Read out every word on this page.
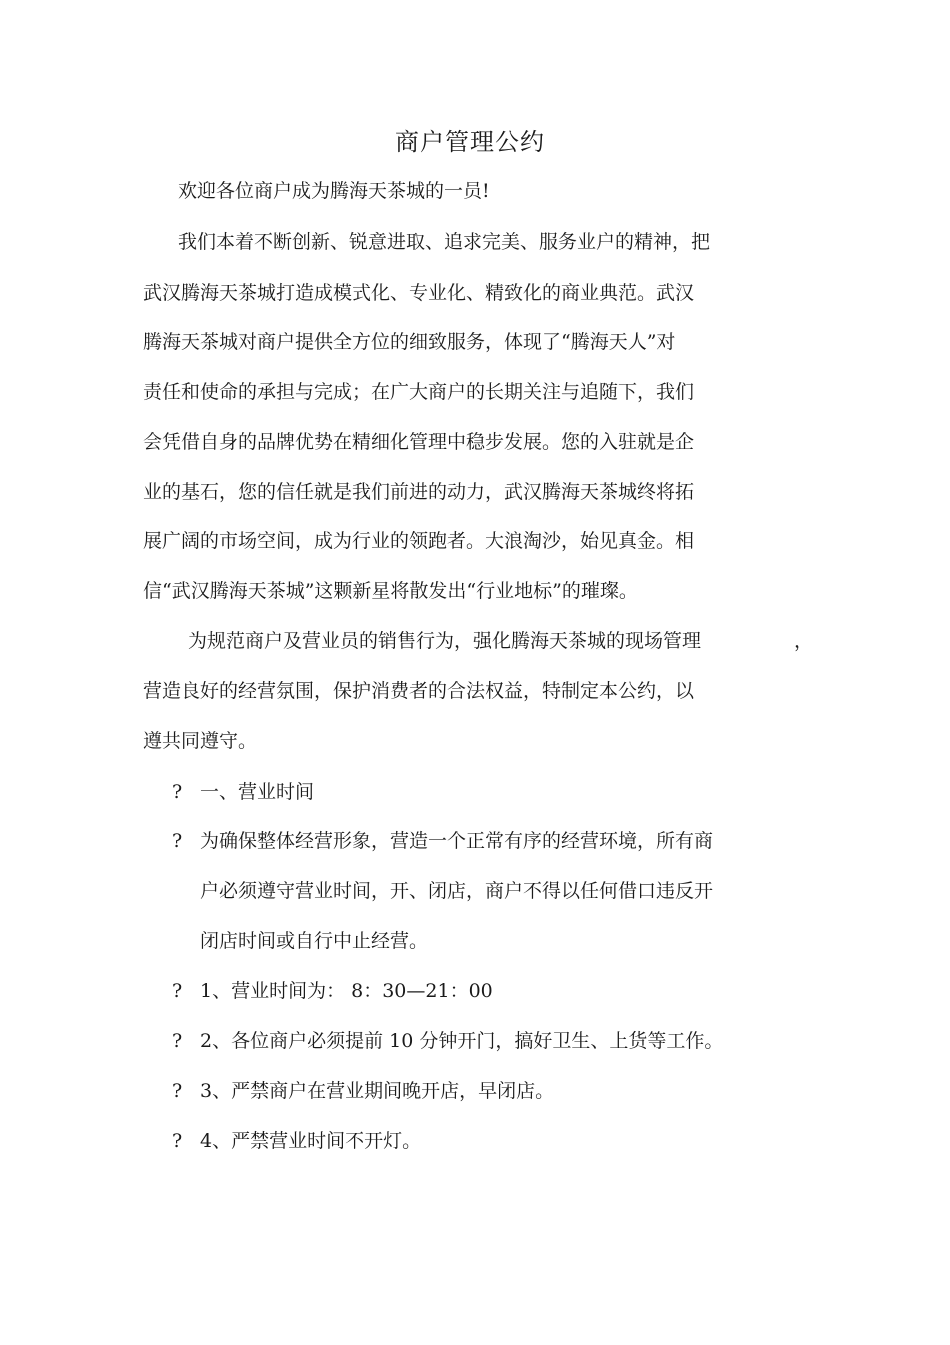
商户管理公约
欢迎各位商户成为腾海天茶城的一员!
我们本着不断创新、锐意进取、追求完美、服务业户的精神，把
武汉腾海天茶城打造成模式化、专业化、精致化的商业典范。武汉
腾海天茶城对商户提供全方位的细致服务，体现了“腾海天人”对
责任和使命的承担与完成；在广大商户的长期关注与追随下，我们
会凭借自身的品牌优势在精细化管理中稳步发展。您的入驻就是企
业的基石，您的信任就是我们前进的动力，武汉腾海天茶城终将拓
展广阔的市场空间，成为行业的领跑者。大浪淘沙，始见真金。相
信“武汉腾海天茶城”这颗新星将散发出“行业地标”的璀璨。
为规范商户及营业员的销售行为，强化腾海天茶城的现场管理	，
营造良好的经营氛围，保护消费者的合法权益，特制定本公约，以
遵共同遵守。
? 一、营业时间
? 为确保整体经营形象，营造一个正常有序的经营环境，所有商
户必须遵守营业时间，开、闭店，商户不得以任何借口违反开
闭店时间或自行中止经营。
? 1、营业时间为： 8：30—21：00
? 2、各位商户必须提前 10 分钟开门，搞好卫生、上货等工作。
? 3、严禁商户在营业期间晚开店，早闭店。
? 4、严禁营业时间不开灯。
